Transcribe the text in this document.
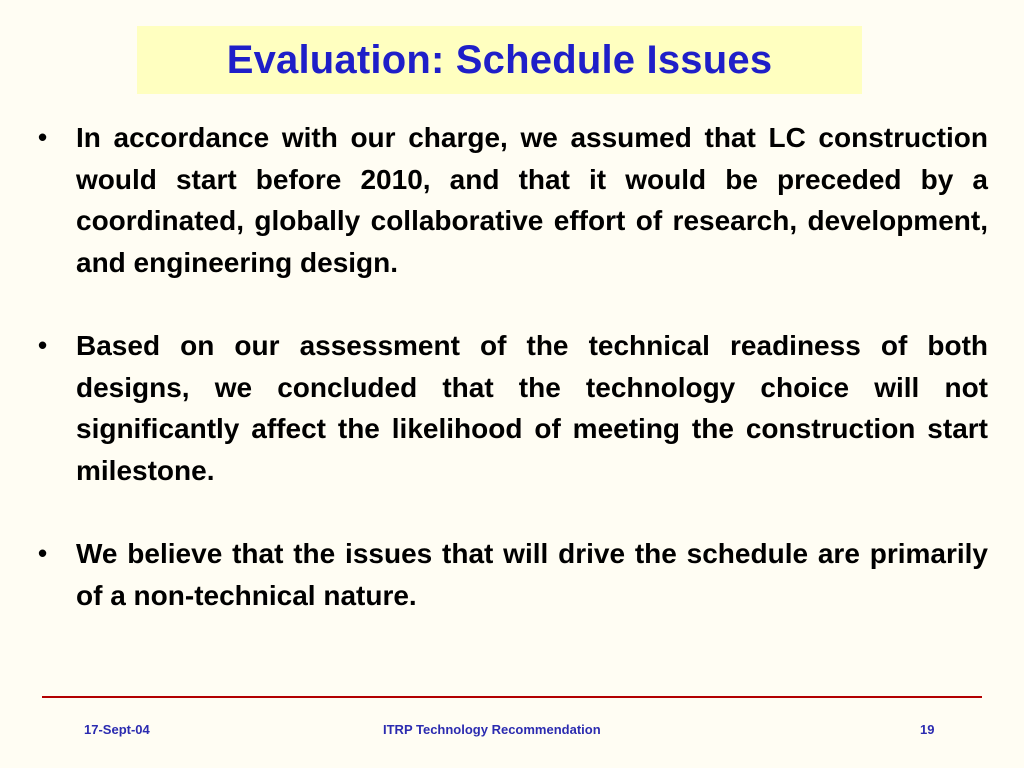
Evaluation: Schedule Issues
•	In accordance with our charge, we assumed that LC construction would start before 2010, and that it would be preceded by a coordinated, globally collaborative effort of research, development, and engineering design.
•	Based on our assessment of the technical readiness of both designs, we concluded that the technology choice will not significantly affect the likelihood of meeting the construction start milestone.
•	We believe that the issues that will drive the schedule are primarily of a non-technical nature.
17-Sept-04	ITRP Technology Recommendation	19
